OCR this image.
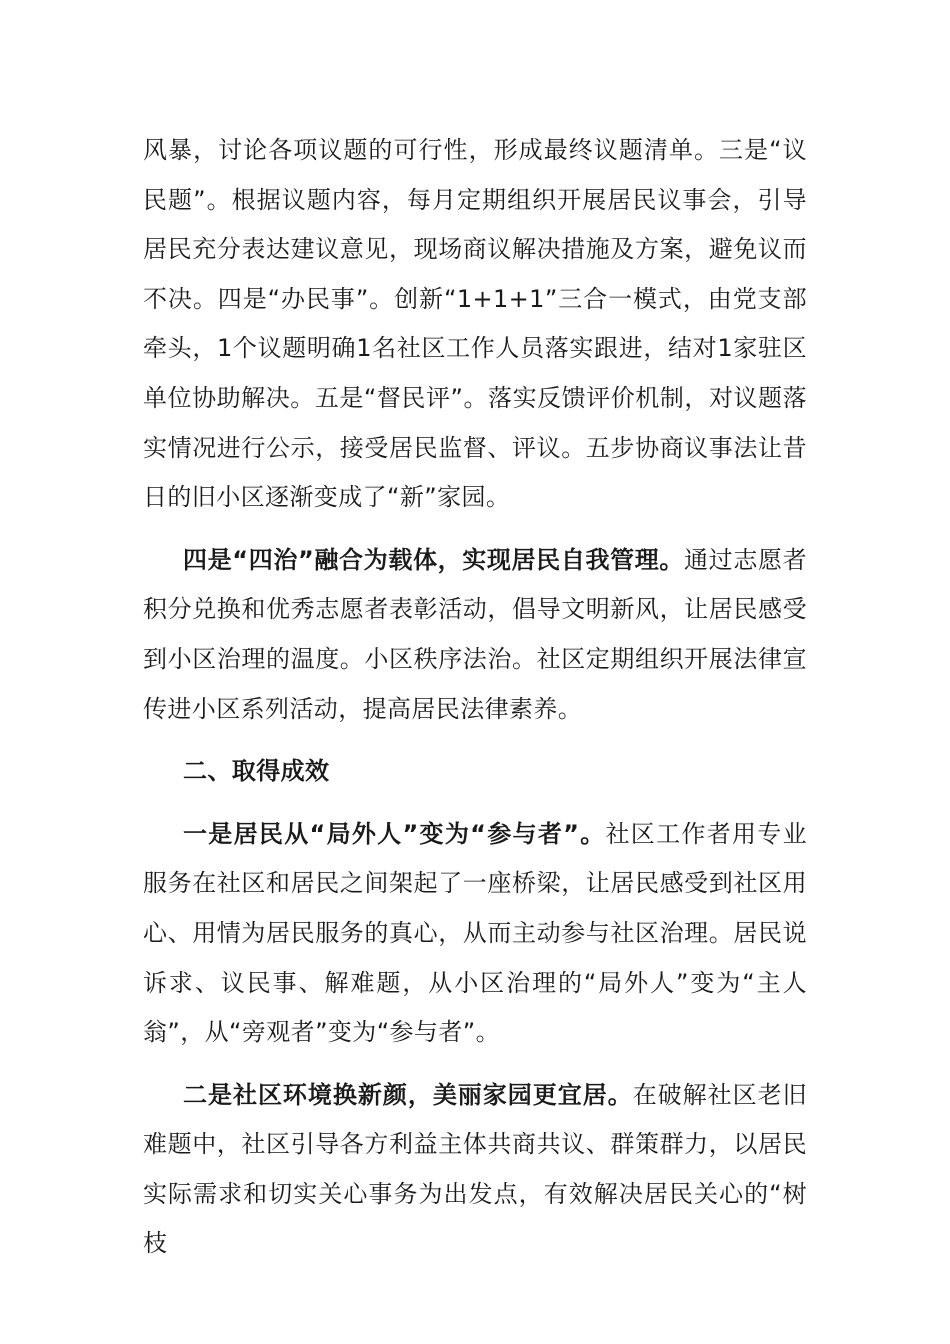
风暴，讨论各项议题的可行性，形成最终议题清单。三是“议民题”。根据议题内容，每月定期组织开展居民议事会，引导居民充分表达建议意见，现场商议解决措施及方案，避免议而不决。四是“办民事”。创新“1+1+1”三合一模式，由党支部牵头，1个议题明确1名社区工作人员落实跟进，结对1家驻区单位协助解决。五是“督民评”。落实反馈评价机制，对议题落实情况进行公示，接受居民监督、评议。五步协商议事法让昔日的旧小区逐渐变成了“新”家园。

四是“四治”融合为载体，实现居民自我管理。通过志愿者积分兑换和优秀志愿者表彰活动，倡导文明新风，让居民感受到小区治理的温度。小区秩序法治。社区定期组织开展法律宣传进小区系列活动，提高居民法律素养。

二、取得成效

一是居民从“局外人”变为“参与者”。社区工作者用专业服务在社区和居民之间架起了一座桥梁，让居民感受到社区用心、用情为居民服务的真心，从而主动参与社区治理。居民说诉求、议民事、解难题，从小区治理的“局外人”变为“主人翁”，从“旁观者”变为“参与者”。

二是社区环境换新颜，美丽家园更宜居。在破解社区老旧难题中，社区引导各方利益主体共商共议、群策群力，以居民实际需求和切实关心事务为出发点，有效解决居民关心的“树枝
